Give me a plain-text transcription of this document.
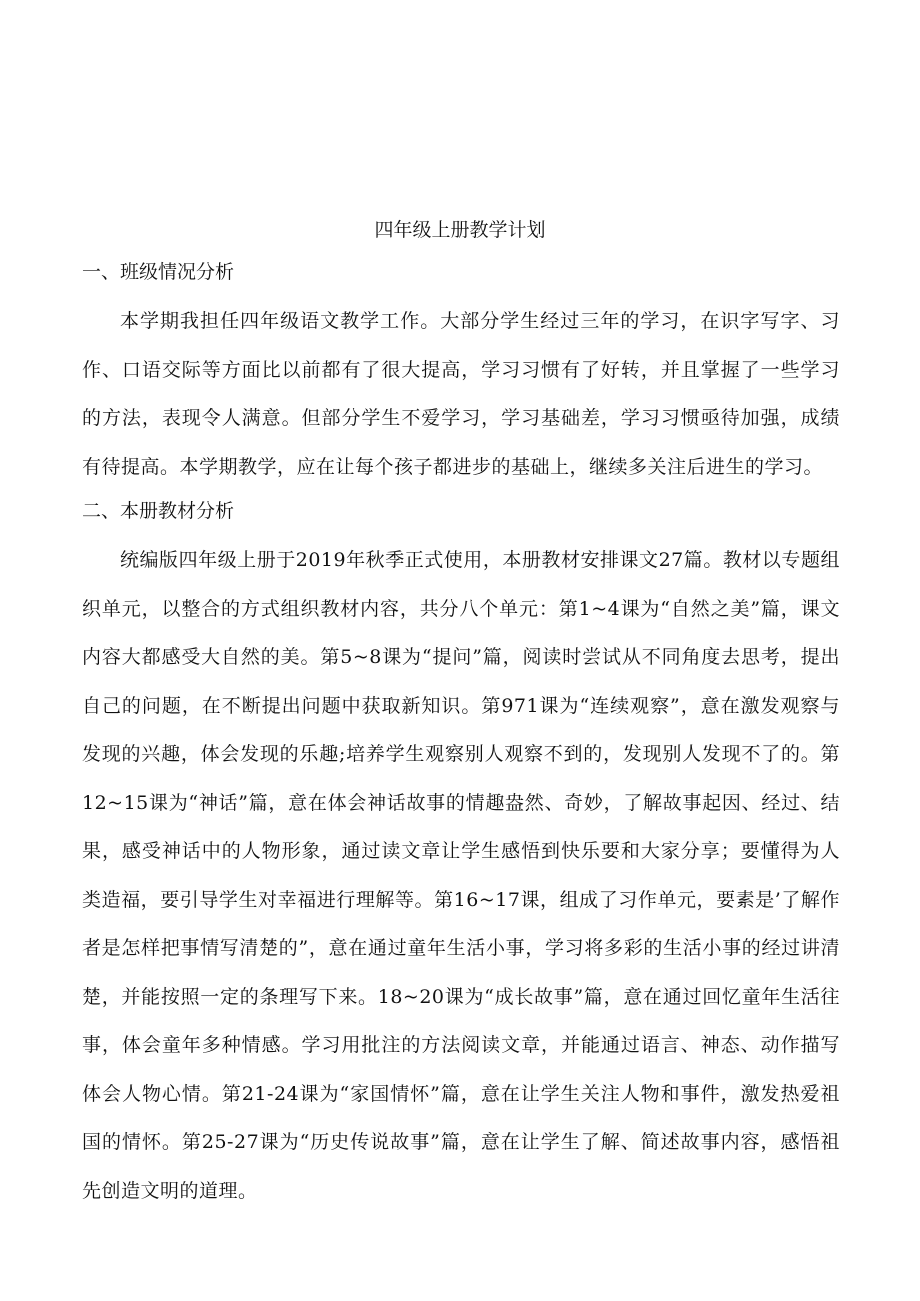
四年级上册教学计划
一、班级情况分析

本学期我担任四年级语文教学工作。大部分学生经过三年的学习，在识字写字、习作、口语交际等方面比以前都有了很大提高，学习习惯有了好转，并且掌握了一些学习的方法，表现令人满意。但部分学生不爱学习，学习基础差，学习习惯亟待加强，成绩有待提高。本学期教学，应在让每个孩子都进步的基础上，继续多关注后进生的学习。

二、本册教材分析

统编版四年级上册于2019年秋季正式使用，本册教材安排课文27篇。教材以专题组织单元，以整合的方式组织教材内容，共分八个单元：第1~4课为“自然之美”篇，课文内容大都感受大自然的美。第5~8课为“提问”篇，阅读时尝试从不同角度去思考，提出自己的问题，在不断提出问题中获取新知识。第971课为“连续观察”，意在激发观察与发现的兴趣，体会发现的乐趣;培养学生观察别人观察不到的，发现别人发现不了的。第12~15课为“神话”篇，意在体会神话故事的情趣盎然、奇妙，了解故事起因、经过、结果，感受神话中的人物形象，通过读文章让学生感悟到快乐要和大家分享；要懂得为人类造福，要引导学生对幸福进行理解等。第16~17课，组成了习作单元，要素是’了解作者是怎样把事情写清楚的”，意在通过童年生活小事，学习将多彩的生活小事的经过讲清楚，并能按照一定的条理写下来。18~20课为“成长故事”篇，意在通过回忆童年生活往事，体会童年多种情感。学习用批注的方法阅读文章，并能通过语言、神态、动作描写体会人物心情。第21-24课为“家国情怀”篇，意在让学生关注人物和事件，激发热爱祖国的情怀。第25-27课为“历史传说故事”篇，意在让学生了解、简述故事内容，感悟祖先创造文明的道理。
